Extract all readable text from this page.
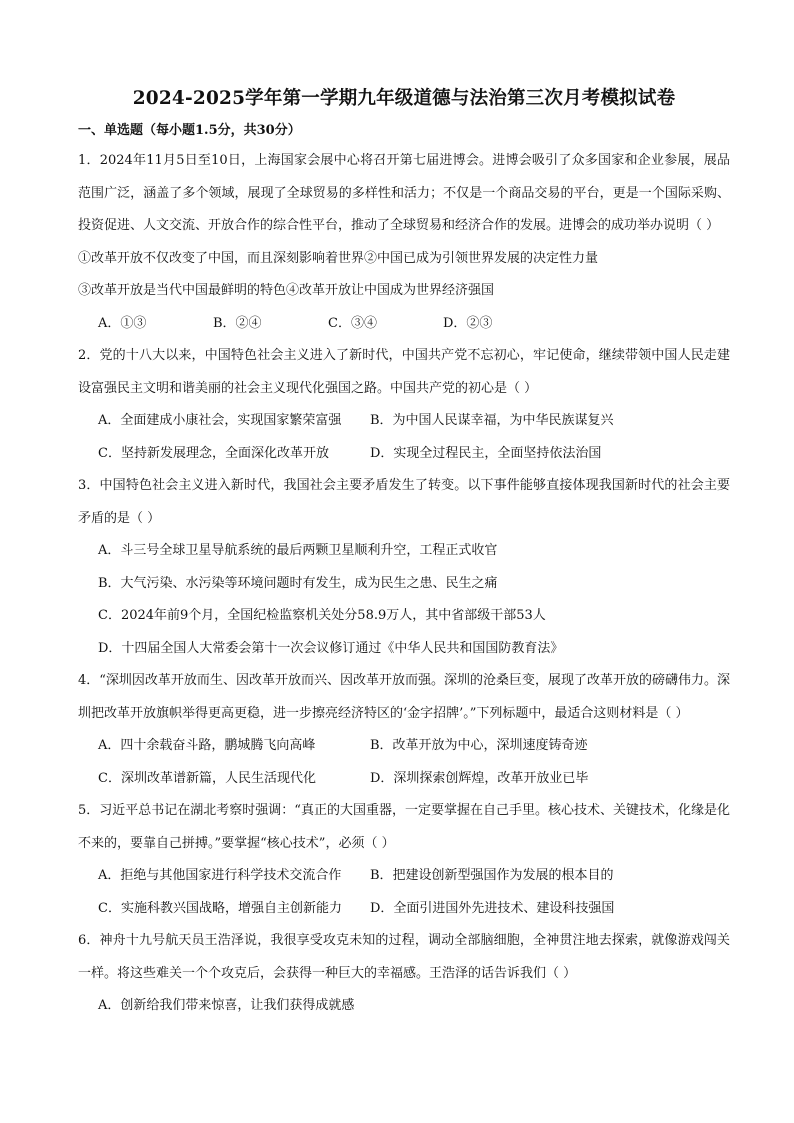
2024-2025学年第一学期九年级道德与法治第三次月考模拟试卷
一、单选题（每小题1.5分，共30分）

1．2024年11月5日至10日，上海国家会展中心将召开第七届进博会。进博会吸引了众多国家和企业参展，展品范围广泛，涵盖了多个领域，展现了全球贸易的多样性和活力；不仅是一个商品交易的平台，更是一个国际采购、投资促进、人文交流、开放合作的综合性平台，推动了全球贸易和经济合作的发展。进博会的成功举办说明（ ）

①改革开放不仅改变了中国，而且深刻影响着世界②中国已成为引领世界发展的决定性力量

③改革开放是当代中国最鲜明的特色④改革开放让中国成为世界经济强国

A．①③	B．②④	C．③④	D．②③

2．党的十八大以来，中国特色社会主义进入了新时代，中国共产党不忘初心，牢记使命，继续带领中国人民走建设富强民主文明和谐美丽的社会主义现代化强国之路。中国共产党的初心是（ ）

A．全面建成小康社会，实现国家繁荣富强	B．为中国人民谋幸福，为中华民族谋复兴
C．坚持新发展理念，全面深化改革开放	D．实现全过程民主，全面坚持依法治国

3．中国特色社会主义进入新时代，我国社会主要矛盾发生了转变。以下事件能够直接体现我国新时代的社会主要矛盾的是（ ）

A．斗三号全球卫星导航系统的最后两颗卫星顺利升空，工程正式收官
B．大气污染、水污染等环境问题时有发生，成为民生之患、民生之痛
C．2024年前9个月，全国纪检监察机关处分58.9万人，其中省部级干部53人
D．十四届全国人大常委会第十一次会议修订通过《中华人民共和国国防教育法》

4．“深圳因改革开放而生、因改革开放而兴、因改革开放而强。深圳的沧桑巨变，展现了改革开放的磅礴伟力。深圳把改革开放旗帜举得更高更稳，进一步擦亮经济特区的‘金字招牌’。”下列标题中，最适合这则材料是（ ）

A．四十余载奋斗路，鹏城腾飞向高峰	B．改革开放为中心，深圳速度铸奇迹
C．深圳改革谱新篇，人民生活现代化	D．深圳探索创辉煌，改革开放业已毕

5．习近平总书记在湖北考察时强调：“真正的大国重器，一定要掌握在自己手里。核心技术、关键技术，化缘是化不来的，要靠自己拼搏。”要掌握“核心技术”，必须（ ）

A．拒绝与其他国家进行科学技术交流合作	B．把建设创新型强国作为发展的根本目的
C．实施科教兴国战略，增强自主创新能力	D．全面引进国外先进技术、建设科技强国

6．神舟十九号航天员王浩泽说，我很享受攻克未知的过程，调动全部脑细胞，全神贯注地去探索，就像游戏闯关一样。将这些难关一个个攻克后，会获得一种巨大的幸福感。王浩泽的话告诉我们（ ）

A．创新给我们带来惊喜，让我们获得成就感
